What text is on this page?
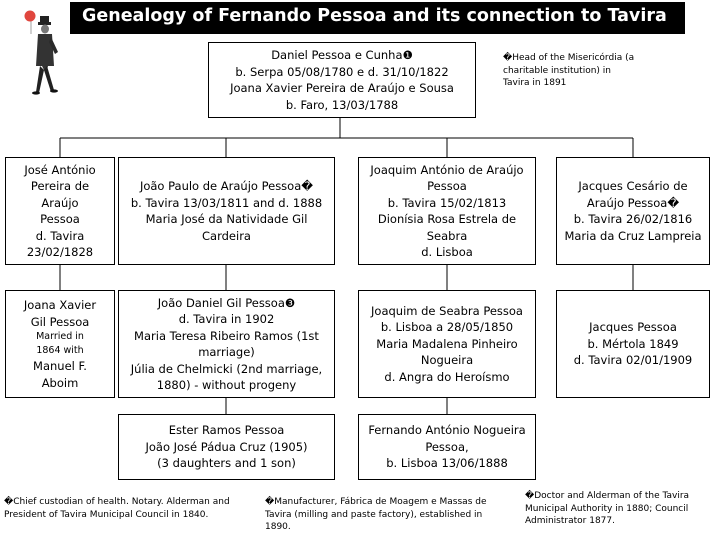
Genealogy of Fernando Pessoa and its connection to Tavira
Daniel Pessoa e Cunha❶
b. Serpa 05/08/1780 e d. 31/10/1822
Joana Xavier Pereira de Araújo e Sousa
b. Faro, 13/03/1788
�Head of the Misericórdia (a
charitable institution) in
Tavira in 1891
José António
Pereira de
Araújo
Pessoa
d. Tavira
23/02/1828
João Paulo de Araújo Pessoa�
b. Tavira 13/03/1811 and d. 1888
Maria José da Natividade Gil
Cardeira
Joaquim António de Araújo
Pessoa
b. Tavira 15/02/1813
Dionísia Rosa Estrela de
Seabra
d. Lisboa
Jacques Cesário de
Araújo Pessoa�
b. Tavira 26/02/1816
Maria da Cruz Lampreia
Joana Xavier
Gil Pessoa
Married in
1864 with
Manuel F.
Aboim
João Daniel Gil Pessoa❸
d. Tavira in 1902
Maria Teresa Ribeiro Ramos (1st
marriage)
Júlia de Chelmicki (2nd marriage,
1880) - without progeny
Joaquim de Seabra Pessoa
b. Lisboa a 28/05/1850
Maria Madalena Pinheiro
Nogueira
d. Angra do Heroísmo
Jacques Pessoa
b. Mértola 1849
d. Tavira 02/01/1909
Ester Ramos Pessoa
João José Pádua Cruz (1905)
(3 daughters and 1 son)
Fernando António Nogueira
Pessoa,
b. Lisboa 13/06/1888
�Chief custodian of health. Notary. Alderman and
President of Tavira Municipal Council in 1840.
�Manufacturer, Fábrica de Moagem e Massas de
Tavira (milling and paste factory), established in
1890.
�Doctor and Alderman of the Tavira
Municipal Authority in 1880; Council
Administrator 1877.
